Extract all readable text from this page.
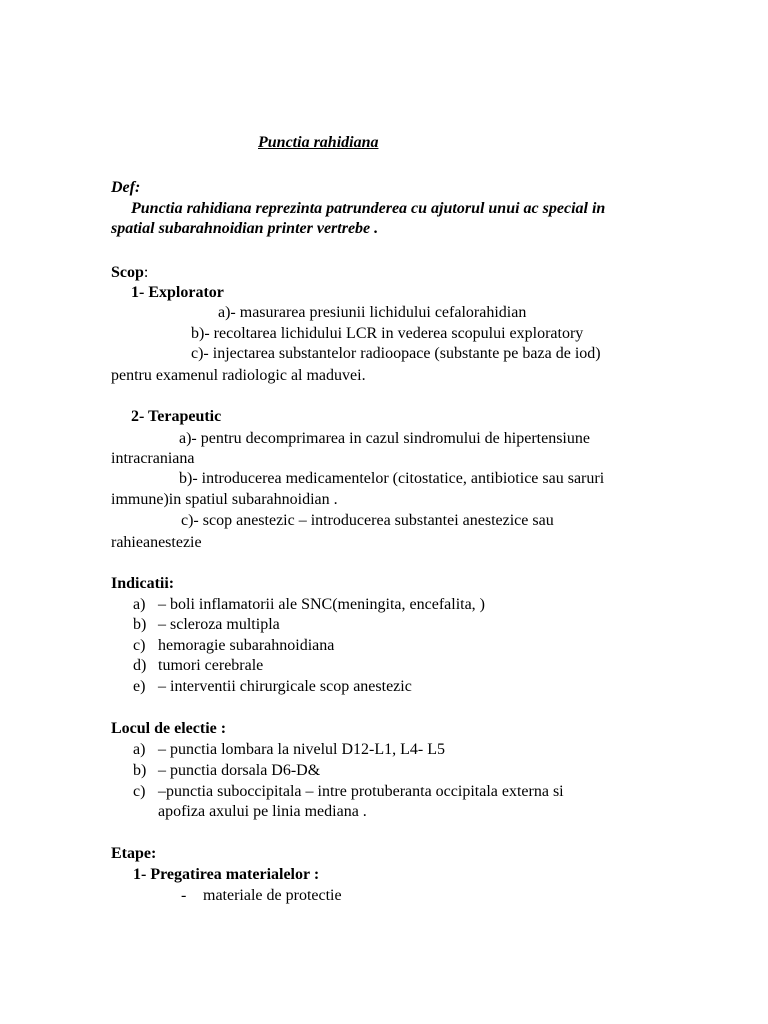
Punctia rahidiana
Def:
Punctia rahidiana reprezinta patrunderea cu ajutorul unui ac special in
spatial subarahnoidian printer vertrebe .
Scop:
1- Explorator
a)- masurarea presiunii lichidului cefalorahidian
b)- recoltarea lichidului LCR in vederea scopului exploratory
c)- injectarea substantelor radioopace (substante pe baza de iod)
pentru examenul radiologic al maduvei.
2- Terapeutic
a)- pentru decomprimarea in cazul sindromului de hipertensiune
intracraniana
b)- introducerea medicamentelor (citostatice, antibiotice sau saruri
immune)in spatiul subarahnoidian .
c)- scop anestezic – introducerea substantei anestezice sau
rahieanestezie
Indicatii:
a) – boli inflamatorii ale SNC(meningita, encefalita, )
b) – scleroza multipla
c) hemoragie subarahnoidiana
d) tumori cerebrale
e) – interventii chirurgicale scop anestezic
Locul de electie :
a) – punctia lombara la nivelul D12-L1, L4- L5
b) – punctia dorsala D6-D&
c) –punctia suboccipitala – intre protuberanta occipitala externa si
apofiza axului pe linia mediana .
Etape:
1- Pregatirea materialelor :
- materiale de protectie
